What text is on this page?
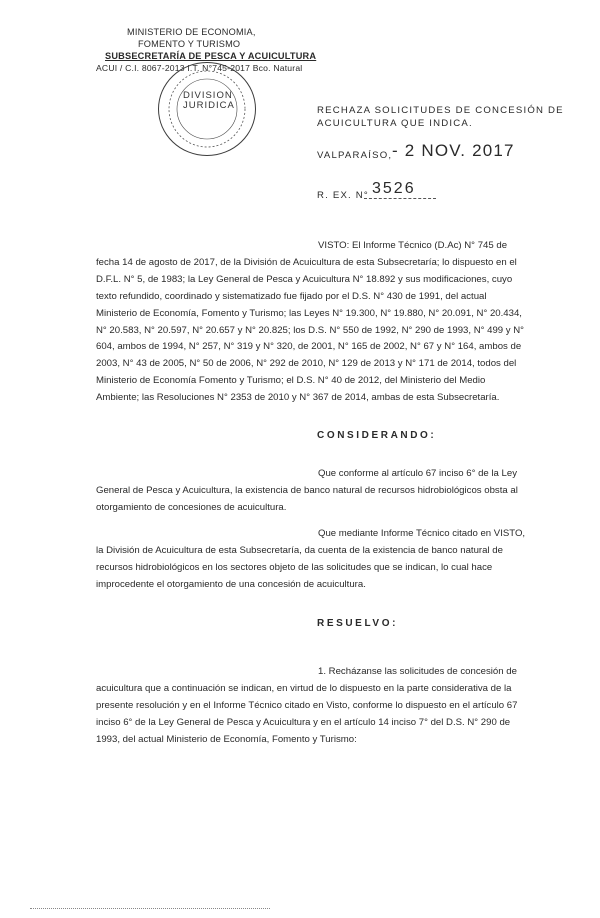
MINISTERIO DE ECONOMIA,
FOMENTO Y TURISMO
SUBSECRETARÍA DE PESCA Y ACUICULTURA
ACUI / C.I. 8067-2013 I.T. N°745-2017 Bco. Natural
DIVISION
JURIDICA	RECHAZA SOLICITUDES DE CONCESIÓN DE
ACUICULTURA QUE INDICA.
VALPARAÍSO, - 2 NOV. 2017
R. EX. N° 3526
VISTO: El Informe Técnico (D.Ac) N° 745 de
fecha 14 de agosto de 2017, de la División de Acuicultura de esta Subsecretaría; lo dispuesto en el
D.F.L. N° 5, de 1983; la Ley General de Pesca y Acuicultura N° 18.892 y sus modificaciones, cuyo
texto refundido, coordinado y sistematizado fue fijado por el D.S. N° 430 de 1991, del actual
Ministerio de Economía, Fomento y Turismo; las Leyes N° 19.300, N° 19.880, N° 20.091, N° 20.434,
N° 20.583, N° 20.597, N° 20.657 y N° 20.825; los D.S. N° 550 de 1992, N° 290 de 1993, N° 499 y N°
604, ambos de 1994, N° 257, N° 319 y N° 320, de 2001, N° 165 de 2002, N° 67 y N° 164, ambos de
2003, N° 43 de 2005, N° 50 de 2006, N° 292 de 2010, N° 129 de 2013 y N° 171 de 2014, todos del
Ministerio de Economía Fomento y Turismo; el D.S. N° 40 de 2012, del Ministerio del Medio
Ambiente; las Resoluciones N° 2353 de 2010 y N° 367 de 2014, ambas de esta Subsecretaría.
CONSIDERANDO:
Que conforme al artículo 67 inciso 6° de la Ley
General de Pesca y Acuicultura, la existencia de banco natural de recursos hidrobiológicos obsta al
otorgamiento de concesiones de acuicultura.
Que mediante Informe Técnico citado en VISTO,
la División de Acuicultura de esta Subsecretaría, da cuenta de la existencia de banco natural de
recursos hidrobiológicos en los sectores objeto de las solicitudes que se indican, lo cual hace
improcedente el otorgamiento de una concesión de acuicultura.
RESUELVO:
1. Recházanse las solicitudes de concesión de
acuicultura que a continuación se indican, en virtud de lo dispuesto en la parte considerativa de la
presente resolución y en el Informe Técnico citado en Visto, conforme lo dispuesto en el artículo 67
inciso 6° de la Ley General de Pesca y Acuicultura y en el artículo 14 inciso 7° del D.S. N° 290 de
1993, del actual Ministerio de Economía, Fomento y Turismo:
